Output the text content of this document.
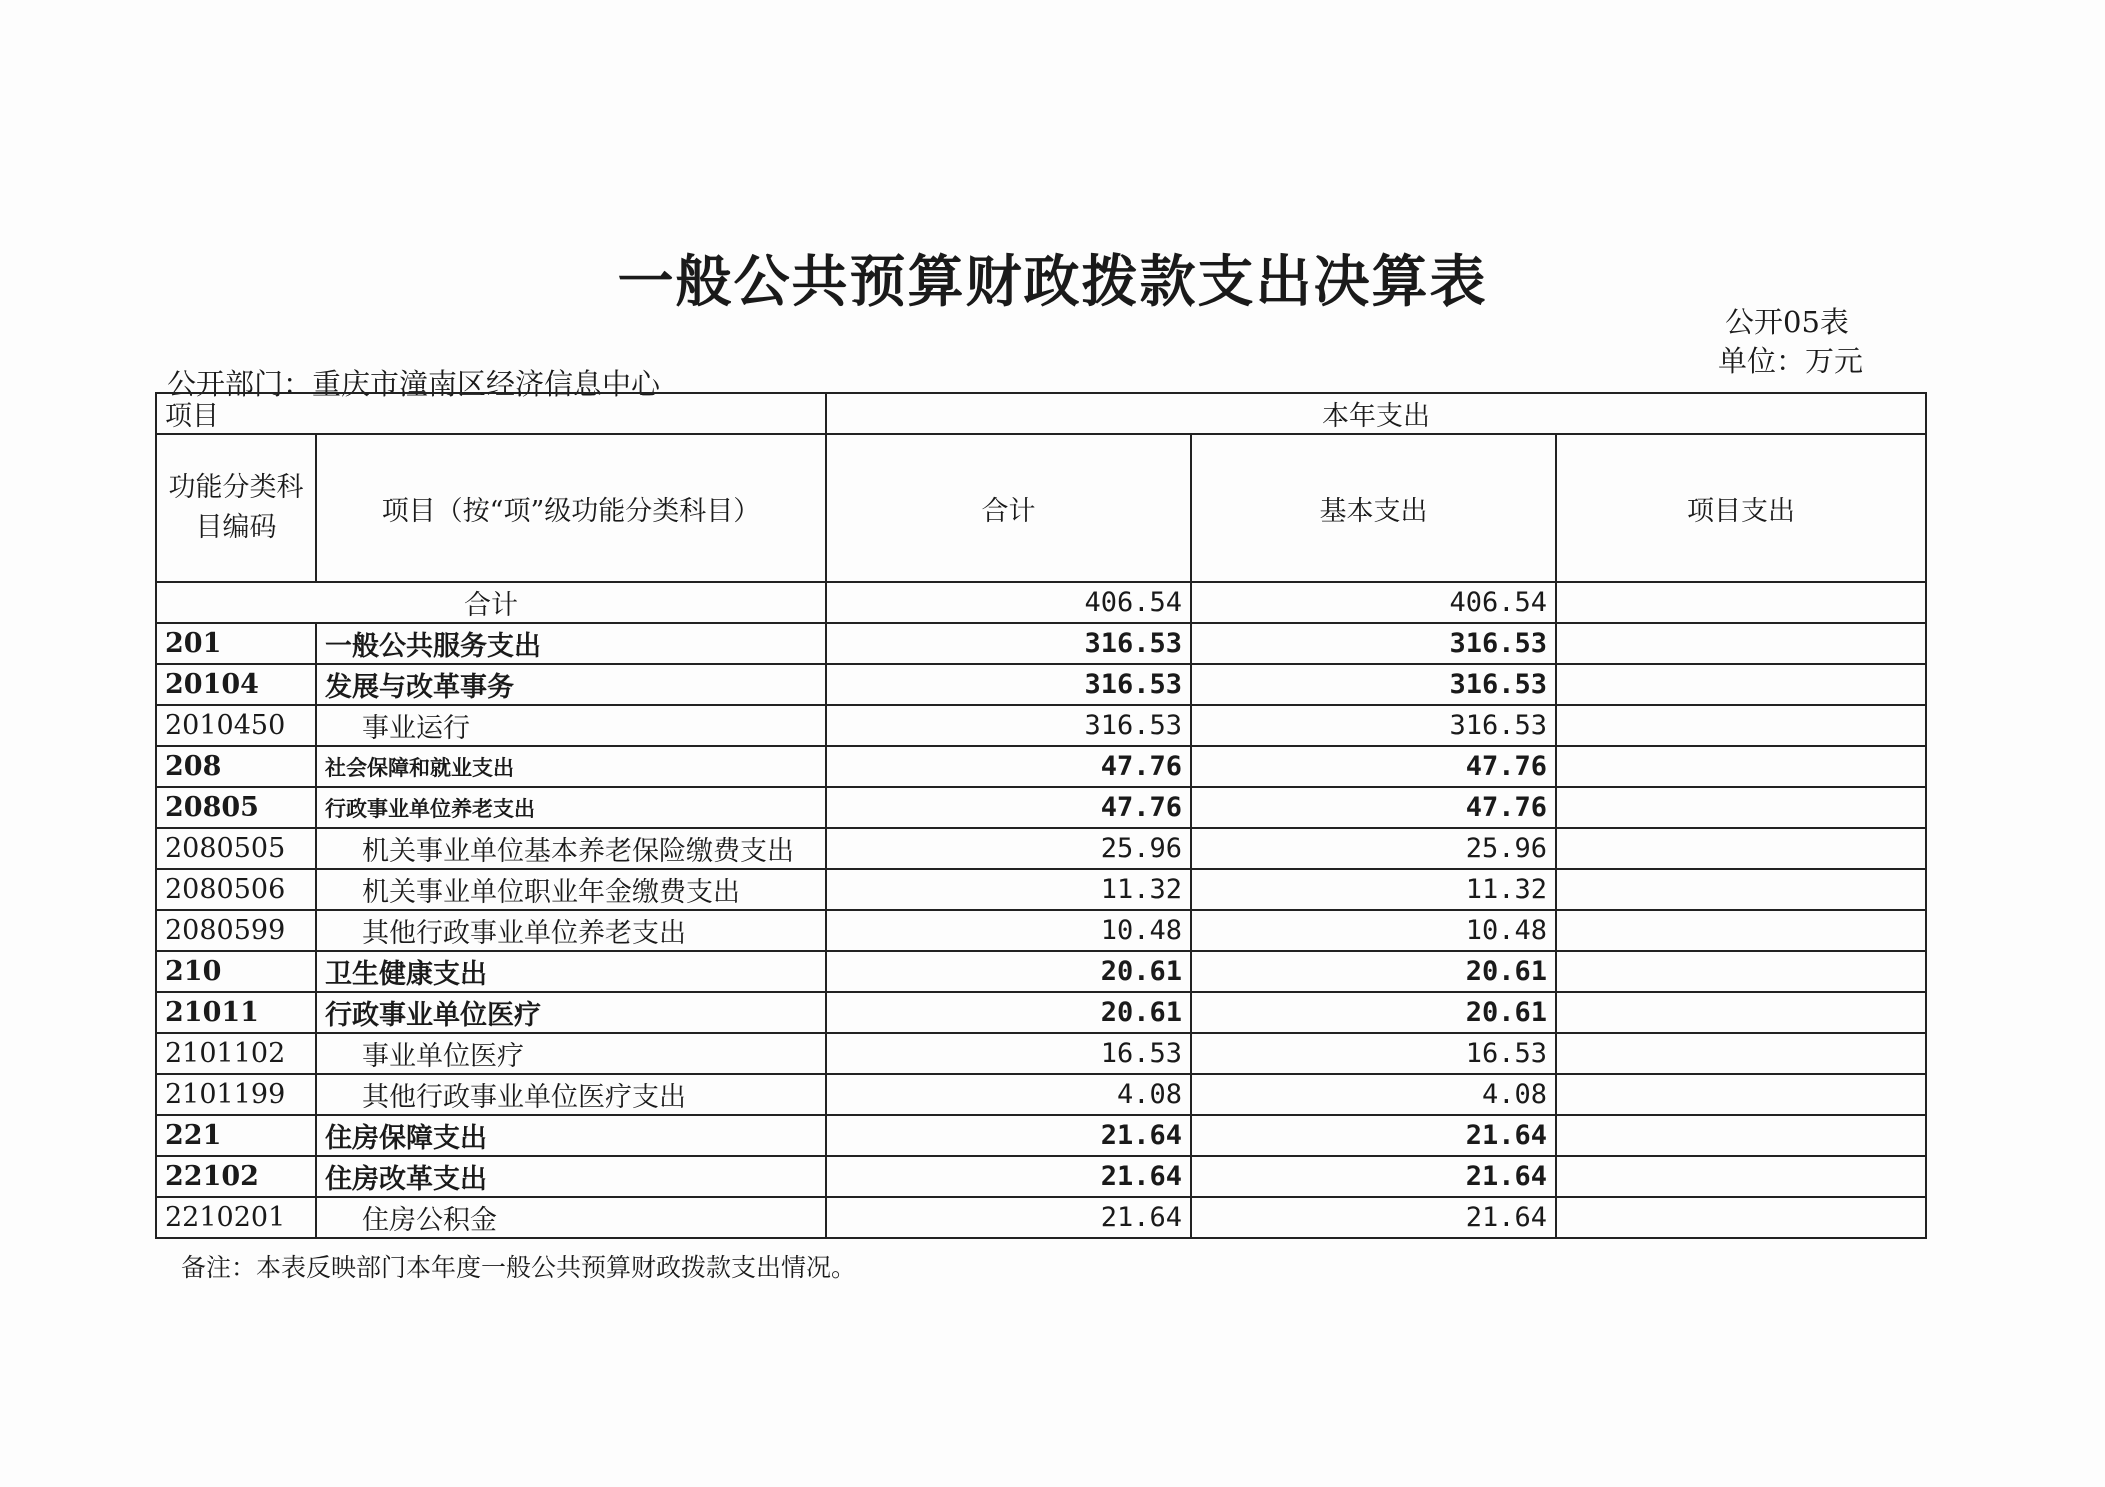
一般公共预算财政拨款支出决算表
公开05表
单位：万元
公开部门：重庆市潼南区经济信息中心
项目		本年支出		

功能分类科目编码	项目（按“项”级功能分类科目）	合计	基本支出	项目支出
合计		406.54	406.54	
201	一般公共服务支出	316.53	316.53	
20104	发展与改革事务	316.53	316.53	
2010450	事业运行	316.53	316.53	
208	社会保障和就业支出	47.76	47.76	
20805	行政事业单位养老支出	47.76	47.76	
2080505	机关事业单位基本养老保险缴费支出	25.96	25.96	
2080506	机关事业单位职业年金缴费支出	11.32	11.32	
2080599	其他行政事业单位养老支出	10.48	10.48	
210	卫生健康支出	20.61	20.61	
21011	行政事业单位医疗	20.61	20.61	
2101102	事业单位医疗	16.53	16.53	
2101199	其他行政事业单位医疗支出	4.08	4.08	
221	住房保障支出	21.64	21.64	
22102	住房改革支出	21.64	21.64	
2210201	住房公积金	21.64	21.64	
备注：本表反映部门本年度一般公共预算财政拨款支出情况。
